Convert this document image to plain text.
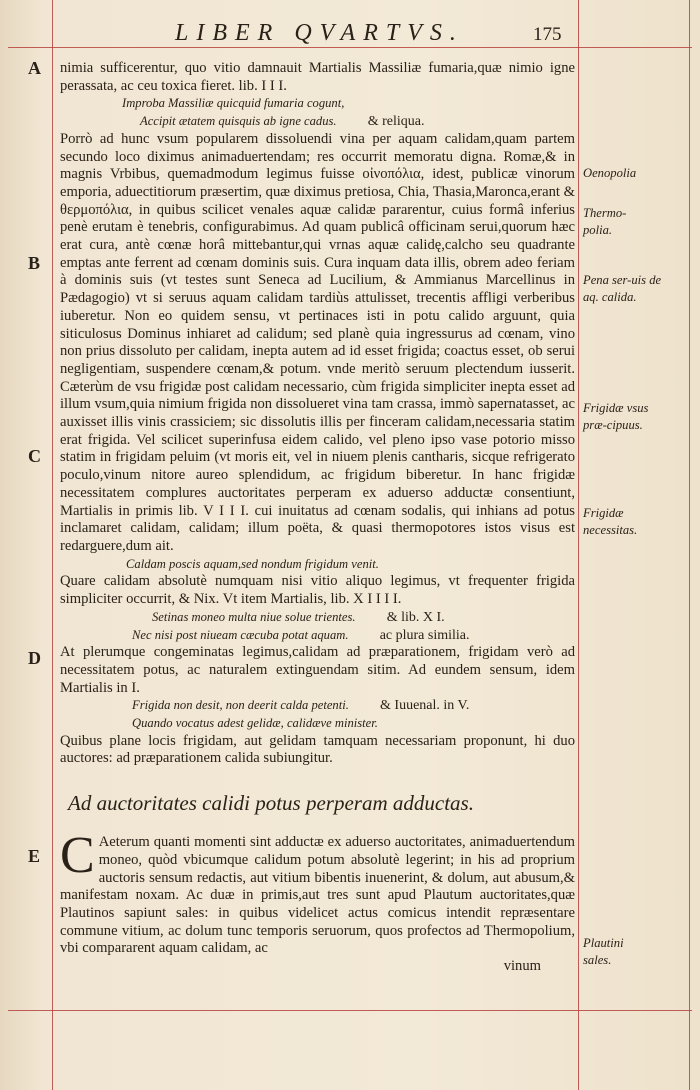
LIBER QVARTVS.	175
A
B
C
D
E

nimia sufficerentur, quo vitio damnauit Martialis Massiliæ fumaria,quæ nimio igne perassata, ac ceu toxica fieret. lib. I I I.

Improba Massiliæ quicquid fumaria cogunt,

Accipit ætatem quisquis ab igne cadus. & reliqua.

Porrò ad hunc vsum popularem dissoluendi vina per aquam calidam,quam partem secundo loco diximus animaduertendam; res occurrit memoratu digna. Romæ,& in magnis Vrbibus, quemadmodum legimus fuisse οἰνοπόλια, idest, publicæ vinorum emporia, aduectitiorum præsertim, quæ diximus pretiosa, Chia, Thasia,Maronca,erant & θερμοπόλια, in quibus scilicet venales aquæ calidæ pararentur, cuius formâ inferius penè erutam è tenebris, configurabimus. Ad quam publicâ officinam serui,quorum hæc erat cura, antè cœnæ horâ mittebantur,qui vrnas aquæ calidę,calcho seu quadrante emptas ante ferrent ad cœnam dominis suis. Cura inquam data illis, obrem adeo feriam à dominis suis (vt testes sunt Seneca ad Lucilium, & Ammianus Marcellinus in Pædagogio) vt si seruus aquam calidam tardiùs attulisset, trecentis affligi verberibus iuberetur. Non eo quidem sensu, vt pertinaces isti in potu calido arguunt, quia siticulosus Dominus inhiaret ad calidum; sed planè quia ingressurus ad cœnam, vino non prius dissoluto per calidam, inepta autem ad id esset frigida; coactus esset, ob serui negligentiam, suspendere cœnam,& potum. vnde meritò seruum plectendum iusserit. Cæterùm de vsu frigidæ post calidam necessario, cùm frigida simpliciter inepta esset ad illum vsum,quia nimium frigida non dissolueret vina tam crassa, immò sapernatasset, ac auxisset illis vinis crassiciem; sic dissolutis illis per finceram calidam,necessaria statim erat frigida. Vel scilicet superinfusa eidem calido, vel pleno ipso vase potorio misso statim in frigidam peluim (vt moris eit, vel in niuem plenis cantharis, sicque refrigerato poculo,vinum nitore aureo splendidum, ac frigidum biberetur. In hanc frigidæ necessitatem complures auctoritates perperam ex aduerso adductæ consentiunt, Martialis in primis lib. V I I I. cui inuitatus ad cœnam sodalis, qui inhians ad potus inclamaret calidam, calidam; illum poëta, & quasi thermopotores istos visus est redarguere,dum ait.

Caldam poscis aquam,sed nondum frigidum venit.

Quare calidam absolutè numquam nisi vitio aliquo legimus, vt frequenter frigida simpliciter occurrit, & Nix. Vt item Martialis, lib. X I I I I.

Setinas moneo multa niue solue trientes. & lib. X I.

Nec nisi post niueam cæcuba potat aquam. ac plura similia.

At plerumque congeminatas legimus,calidam ad præparationem, frigidam verò ad necessitatem potus, ac naturalem extinguendam sitim. Ad eundem sensum, idem Martialis in I.

Frigida non desit, non deerit calda petenti. & Iuuenal. in V.

Quando vocatus adest gelidæ, calidæve minister.

Quibus plane locis frigidam, aut gelidam tamquam necessariam proponunt, hi duo auctores: ad præparationem calida subiungitur.

Ad auctoritates calidi potus perperam adductas.

C Aeterum quanti momenti sint adductæ ex aduerso auctoritates, animaduertendum moneo, quòd vbicumque calidum potum absolutè legerint; in his ad proprium auctoris sensum redactis, aut vitium bibentis inuenerint, & dolum, aut abusum,& manifestam noxam. Ac duæ in primis,aut tres sunt apud Plautum auctoritates,quæ Plautinos sapiunt sales: in quibus videlicet actus comicus intendit repræsentare commune vitium, ac dolum tunc temporis seruorum, quos profectos ad Thermopolium, vbi compararent aquam calidam, ac

vinum

Oenopolia
Thermo-polia.
Pena ser-uis de aq. calida.
Frigidæ vsus præ-cipuus.
Frigidæ necessitas.
Plautini sales.
